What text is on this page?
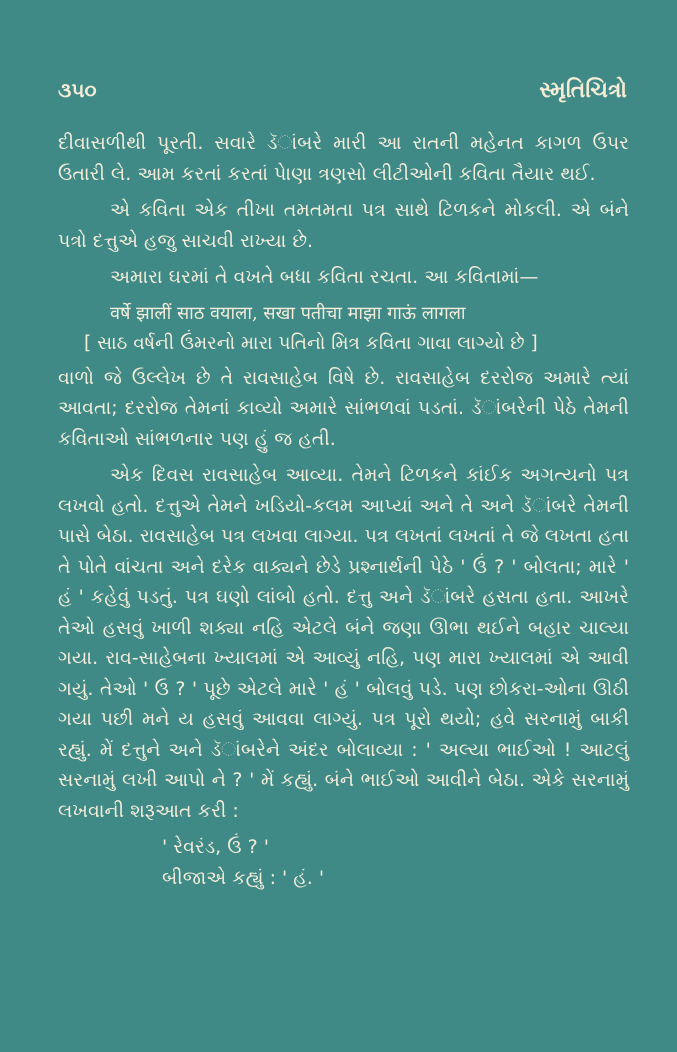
૩૫૦	સ્મૃતિચિત્રો

દીવાસળીથી પૂરતી. સવારે ડૅાંબરે મારી આ રાતની મહેનત કાગળ ઉપર ઉતારી લે. આમ કરતાં કરતાં પાેણા ત્રણસો લીટીઓની કવિતા તૈયાર થઈ.

એ કવિતા એક તીખા તમતમતા પત્ર સાથે ટિળકને મોકલી. એ બંને પત્રો દત્તુએ હજુ સાચવી રાખ્યા છે.

અમારા ઘરમાં તે વખતે બધા કવિતા રચતા. આ કવિતામાં—

वर्षे झालीं साठ वयाला, सखा पतीचा माझा गाऊं लागला

[ સાઠ વર્ષની ઉંમરનો મારા પતિનો મિત્ર કવિતા ગાવા લાગ્યો છે ]

વાળો જે ઉલ્લેખ છે તે રાવસાહેબ વિષે છે. રાવસાહેબ દરરોજ અમારે ત્યાં આવતા; દરરોજ તેમનાં કાવ્યો અમારે સાંભળવાં પડતાં. ડૅાંબરેની પેઠે તેમની કવિતાઓ સાંભળનાર પણ હું જ હતી.

એક દિવસ રાવસાહેબ આવ્યા. તેમને ટિળકને કાંઈક અગત્યનો પત્ર લખવો હતો. દત્તુએ તેમને ખડિયો-કલમ આપ્યાં અને તે અને ડૅાંબરે તેમની પાસે બેઠા. રાવસાહેબ પત્ર લખવા લાગ્યા. પત્ર લખતાં લખતાં તે જે લખતા હતા તે પોતે વાંચતા અને દરેક વાક્યને છેડે પ્રશ્નાર્થની પેઠે ' ઉં ? ' બોલતા; મારે ' હં ' કહેવું પડતું. પત્ર ઘણો લાંબો હતો. દત્તુ અને ડૅાંબરે હસતા હતા. આખરે તેઓ હસવું ખાળી શક્યા નહિ એટલે બંને જણા ઊભા થઈને બહાર ચાલ્યા ગયા. રાવ-સાહેબના ખ્યાલમાં એ આવ્યું નહિ, પણ મારા ખ્યાલમાં એ આવી ગયું. તેઓ ' ઉ ? ' પૂછે એટલે મારે ' હં ' બોલવું પડે. પણ છોકરા-ઓના ઊઠી ગયા પછી મને ય હસવું આવવા લાગ્યું. પત્ર પૂરો થયો; હવે સરનામું બાકી રહ્યું. મેં દત્તુને અને ડૅાંબરેને અંદર બોલાવ્યા : ' અલ્યા ભાઈઓ ! આટલું સરનામું લખી આપો ને ? ' મેં કહ્યું. બંને ભાઈઓ આવીને બેઠા. એકે સરનામું લખવાની શરૂઆત કરી :

' રેવરંડ, ઉં ? '

બીજાએ કહ્યું : ' હં. '
